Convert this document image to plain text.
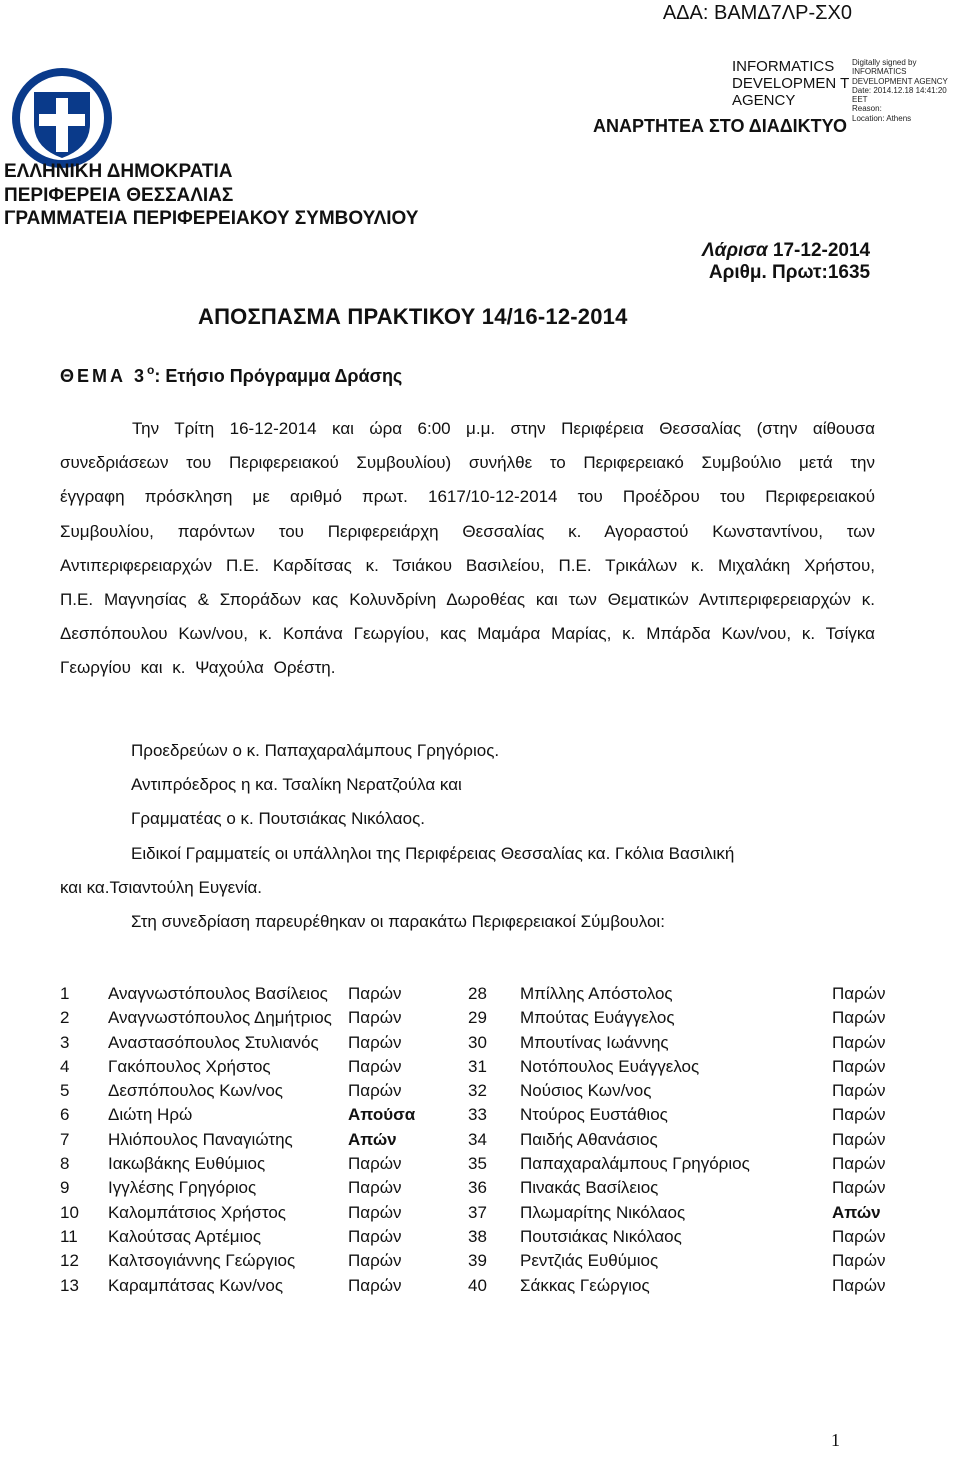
ΑΔΑ: ΒΑΜΔ7ΛΡ-ΣΧ0
INFORMATICS DEVELOPMEN T AGENCY
Digitally signed by
INFORMATICS
DEVELOPMENT AGENCY
Date: 2014.12.18 14:41:20
EET
Reason:
Location: Athens
ΑΝΑΡΤΗΤΕΑ ΣΤΟ ΔΙΑΔΙΚΤΥΟ
ΕΛΛΗΝΙΚΗ ΔΗΜΟΚΡΑΤΙΑ
ΠΕΡΙΦΕΡΕΙΑ ΘΕΣΣΑΛΙΑΣ
ΓΡΑΜΜΑΤΕΙΑ ΠΕΡΙΦΕΡΕΙΑΚΟΥ ΣΥΜΒΟΥΛΙΟΥ
Λάρισα 17-12-2014
Αριθμ. Πρωτ:1635
ΑΠΟΣΠΑΣΜΑ ΠΡΑΚΤΙΚΟΥ 14/16-12-2014
ΘΕΜΑ $3^o$: Ετήσιο Πρόγραμμα Δράσης

Την Τρίτη 16-12-2014 και ώρα 6:00 μ.μ. στην Περιφέρεια Θεσσαλίας (στην αίθουσα συνεδριάσεων του Περιφερειακού Συμβουλίου) συνήλθε το Περιφερειακό Συμβούλιο μετά την έγγραφη πρόσκληση με αριθμό πρωτ. 1617/10-12-2014 του Προέδρου του Περιφερειακού Συμβουλίου, παρόντων του Περιφερειάρχη Θεσσαλίας κ. Αγοραστού Κωνσταντίνου, των Αντιπεριφερειαρχών Π.Ε. Καρδίτσας κ. Τσιάκου Βασιλείου, Π.Ε. Τρικάλων κ. Μιχαλάκη Χρήστου, Π.Ε. Μαγνησίας & Σποράδων κας Κολυνδρίνη Δωροθέας και των Θεματικών Αντιπεριφερειαρχών κ. Δεσπόπουλου Κων/νου, κ. Κοπάνα Γεωργίου, κας Μαμάρα Μαρίας, κ. Μπάρδα Κων/νου, κ. Τσίγκα Γεωργίου και κ. Ψαχούλα Ορέστη.

Προεδρεύων ο κ. Παπαχαραλάμπους Γρηγόριος.

Αντιπρόεδρος η κα. Τσαλίκη Νερατζούλα και

Γραμματέας ο κ. Πουτσιάκας Νικόλαος.

Ειδικοί Γραμματείς οι υπάλληλοι της Περιφέρειας Θεσσαλίας κα. Γκόλια Βασιλική

και κα.Τσιαντούλη Ευγενία.

Στη συνεδρίαση παρευρέθηκαν οι παρακάτω Περιφερειακοί Σύμβουλοι:

1	Αναγνωστόπουλος Βασίλειος	Παρών	28	Μπίλλης Απόστολος	Παρών
2	Αναγνωστόπουλος Δημήτριος	Παρών	29	Μπούτας Ευάγγελος	Παρών
3	Αναστασόπουλος Στυλιανός	Παρών	30	Μπουτίνας Ιωάννης	Παρών
4	Γακόπουλος Χρήστος	Παρών	31	Νοτόπουλος Ευάγγελος	Παρών
5	Δεσπόπουλος Κων/νος	Παρών	32	Νούσιος Κων/νος	Παρών
6	Διώτη Ηρώ	Απούσα	33	Ντούρος Ευστάθιος	Παρών
7	Ηλιόπουλος Παναγιώτης	Απών	34	Παιδής Αθανάσιος	Παρών
8	Ιακωβάκης Ευθύμιος	Παρών	35	Παπαχαραλάμπους Γρηγόριος	Παρών
9	Ιγγλέσης Γρηγόριος	Παρών	36	Πινακάς Βασίλειος	Παρών
10	Καλομπάτσιος Χρήστος	Παρών	37	Πλωμαρίτης Νικόλαος	Απών
11	Καλούτσας Αρτέμιος	Παρών	38	Πουτσιάκας Νικόλαος	Παρών
12	Καλτσογιάννης Γεώργιος	Παρών	39	Ρεντζιάς Ευθύμιος	Παρών
13	Καραμπάτσας Κων/νος	Παρών	40	Σάκκας Γεώργιος	Παρών
1
